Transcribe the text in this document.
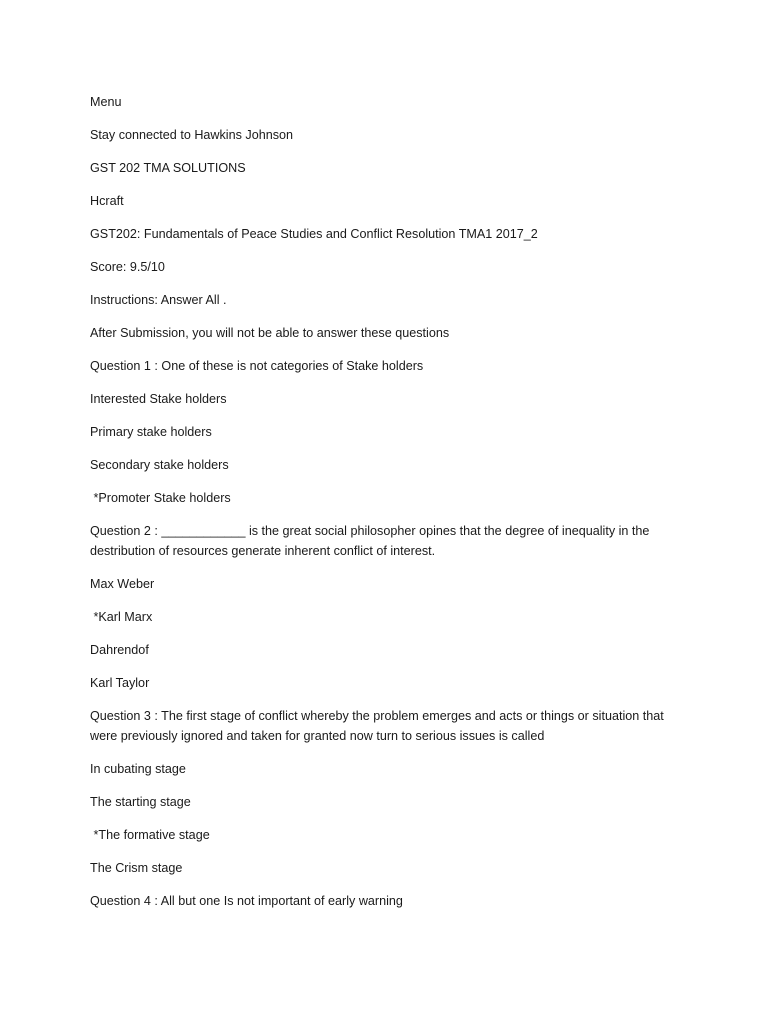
Menu

Stay connected to Hawkins Johnson

GST 202 TMA SOLUTIONS

Hcraft

GST202: Fundamentals of Peace Studies and Conflict Resolution TMA1 2017_2

Score: 9.5/10

Instructions: Answer All .

After Submission, you will not be able to answer these questions

Question 1 : One of these is not categories of Stake holders

Interested Stake holders

Primary stake holders

Secondary stake holders

*Promoter Stake holders

Question 2 : ____________ is the great social philosopher opines that the degree of inequality in the destribution of resources generate inherent conflict of interest.

Max Weber

*Karl Marx

Dahrendof

Karl Taylor

Question 3 : The first stage of conflict whereby the problem emerges and acts or things or situation that were previously ignored and taken for granted now turn to serious issues is called

In cubating stage

The starting stage

*The formative stage

The Crism stage

Question 4 : All but one Is not important of early warning
